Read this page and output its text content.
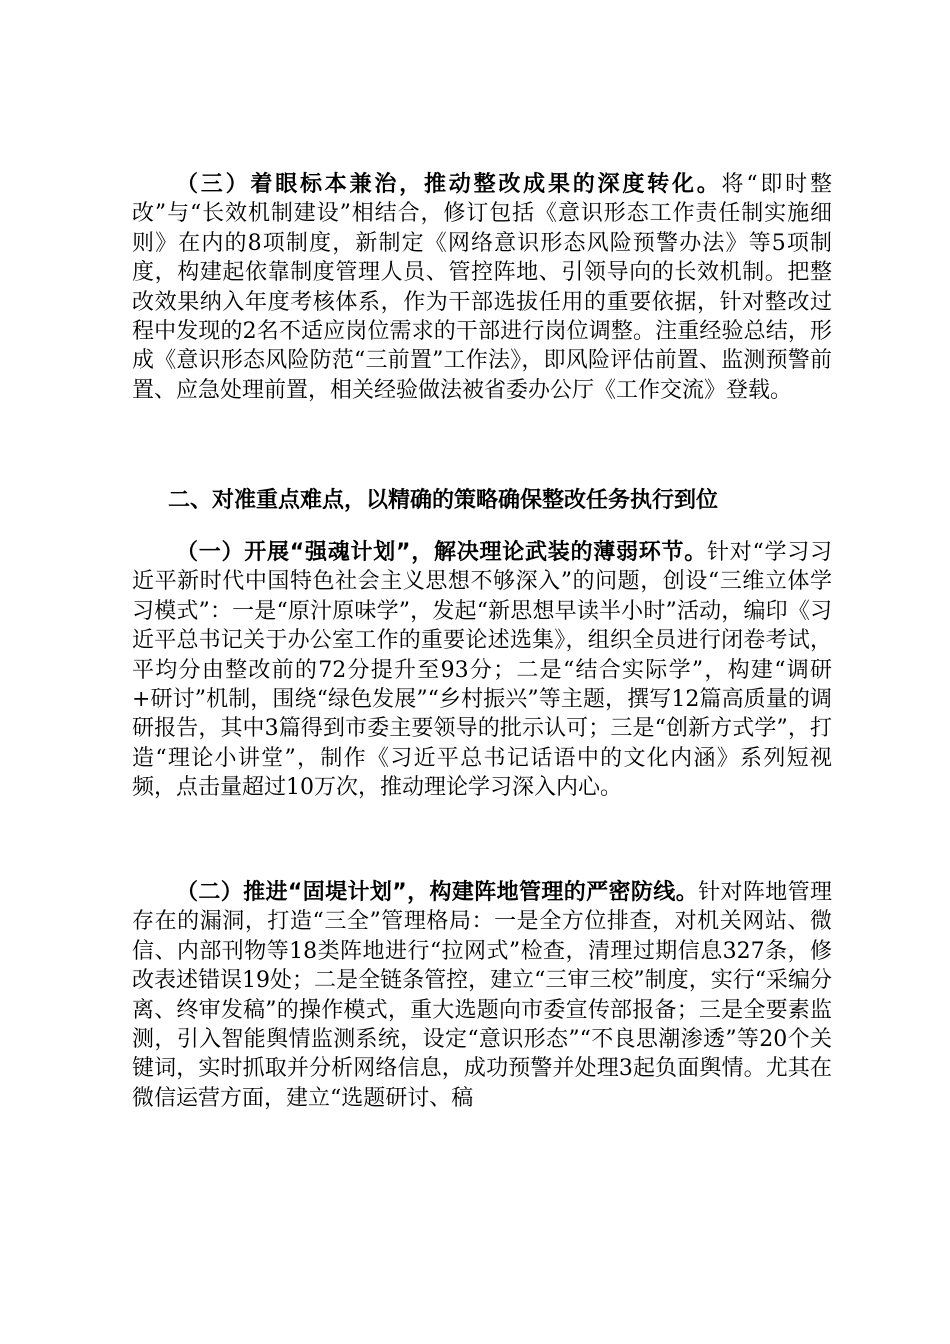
（三）着眼标本兼治，推动整改成果的深度转化。将“即时整改”与“长效机制建设”相结合，修订包括《意识形态工作责任制实施细则》在内的8项制度，新制定《网络意识形态风险预警办法》等5项制度，构建起依靠制度管理人员、管控阵地、引领导向的长效机制。把整改效果纳入年度考核体系，作为干部选拔任用的重要依据，针对整改过程中发现的2名不适应岗位需求的干部进行岗位调整。注重经验总结，形成《意识形态风险防范“三前置”工作法》，即风险评估前置、监测预警前置、应急处理前置，相关经验做法被省委办公厅《工作交流》登载。

二、对准重点难点，以精确的策略确保整改任务执行到位

（一）开展“强魂计划”，解决理论武装的薄弱环节。针对“学习习近平新时代中国特色社会主义思想不够深入”的问题，创设“三维立体学习模式”：一是“原汁原味学”，发起“新思想早读半小时”活动，编印《习近平总书记关于办公室工作的重要论述选集》，组织全员进行闭卷考试，平均分由整改前的72分提升至93分；二是“结合实际学”，构建“调研+研讨”机制，围绕“绿色发展”“乡村振兴”等主题，撰写12篇高质量的调研报告，其中3篇得到市委主要领导的批示认可；三是“创新方式学”，打造“理论小讲堂”，制作《习近平总书记话语中的文化内涵》系列短视频，点击量超过10万次，推动理论学习深入内心。

（二）推进“固堤计划”，构建阵地管理的严密防线。针对阵地管理存在的漏洞，打造“三全”管理格局：一是全方位排查，对机关网站、微信、内部刊物等18类阵地进行“拉网式”检查，清理过期信息327条，修改表述错误19处；二是全链条管控，建立“三审三校”制度，实行“采编分离、终审发稿”的操作模式，重大选题向市委宣传部报备；三是全要素监测，引入智能舆情监测系统，设定“意识形态”“不良思潮渗透”等20个关键词，实时抓取并分析网络信息，成功预警并处理3起负面舆情。尤其在微信运营方面，建立“选题研讨、稿
